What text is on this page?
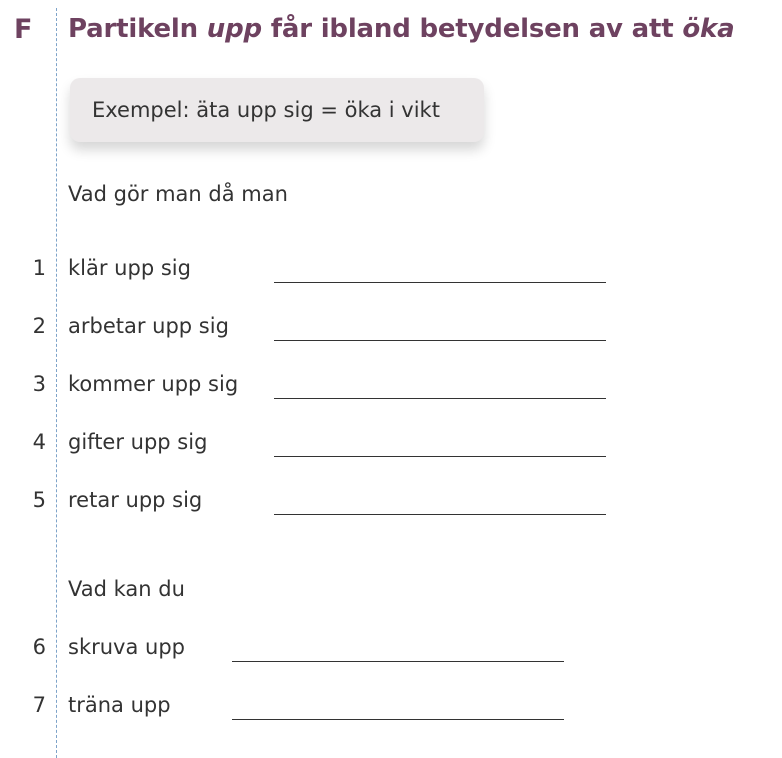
F Partikeln upp får ibland betydelsen av att öka
Exempel: äta upp sig = öka i vikt
Vad gör man då man
1 klär upp sig
2 arbetar upp sig
3 kommer upp sig
4 gifter upp sig
5 retar upp sig
Vad kan du
6 skruva upp
7 träna upp
